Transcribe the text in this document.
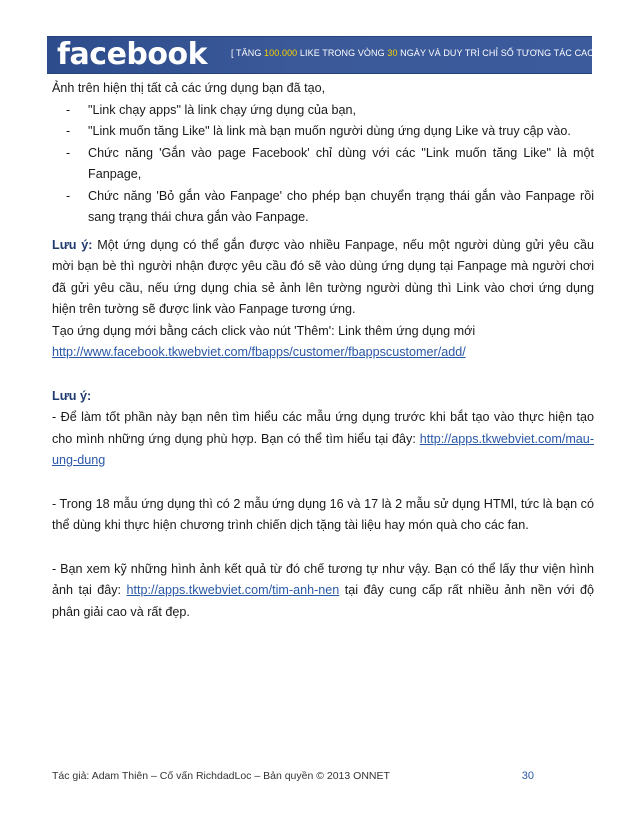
facebook	[ TĂNG 100.000 LIKE TRONG VÒNG 30 NGÀY VÀ DUY TRÌ CHỈ SỐ TƯƠNG TÁC CAO ]

Ảnh trên hiện thị tất cả các ứng dụng bạn đã tạo,

- "Link chạy apps" là link chạy ứng dụng của bạn,
- "Link muốn tăng Like" là link mà bạn muốn người dùng ứng dụng Like và truy cập vào.
- Chức năng 'Gắn vào page Facebook' chỉ dùng với các "Link muốn tăng Like" là một Fanpage,
- Chức năng 'Bỏ gắn vào Fanpage' cho phép bạn chuyển trạng thái gắn vào Fanpage rồi sang trạng thái chưa gắn vào Fanpage.

Lưu ý: Một ứng dụng có thể gắn được vào nhiều Fanpage, nếu một người dùng gửi yêu cầu mời bạn bè thì người nhận được yêu cầu đó sẽ vào dùng ứng dụng tại Fanpage mà người chơi đã gửi yêu cầu, nếu ứng dụng chia sẻ ảnh lên tường người dùng thì Link vào chơi ứng dụng hiện trên tường sẽ được link vào Fanpage tương ứng.

Tạo ứng dụng mới bằng cách click vào nút 'Thêm': Link thêm ứng dụng mới

http://www.facebook.tkwebviet.com/fbapps/customer/fbappscustomer/add/

Lưu ý:

- Để làm tốt phần này bạn nên tìm hiểu các mẫu ứng dụng trước khi bắt tạo vào thực hiện tạo cho mình những ứng dụng phù hợp. Bạn có thể tìm hiểu tại đây: http://apps.tkwebviet.com/mau-ung-dung

- Trong 18 mẫu ứng dụng thì có 2 mẫu ứng dụng 16 và 17 là 2 mẫu sử dụng HTMl, tức là bạn có thể dùng khi thực hiện chương trình chiến dịch tặng tài liệu hay món quà cho các fan.

- Bạn xem kỹ những hình ảnh kết quả từ đó chế tương tự như vậy. Bạn có thể lấy thư viện hình ảnh tại đây: http://apps.tkwebviet.com/tim-anh-nen tại đây cung cấp rất nhiều ảnh nền với độ phân giải cao và rất đẹp.

Tác giả: Adam Thiên – Cố vấn RichdadLoc – Bản quyền © 2013 ONNET	30
